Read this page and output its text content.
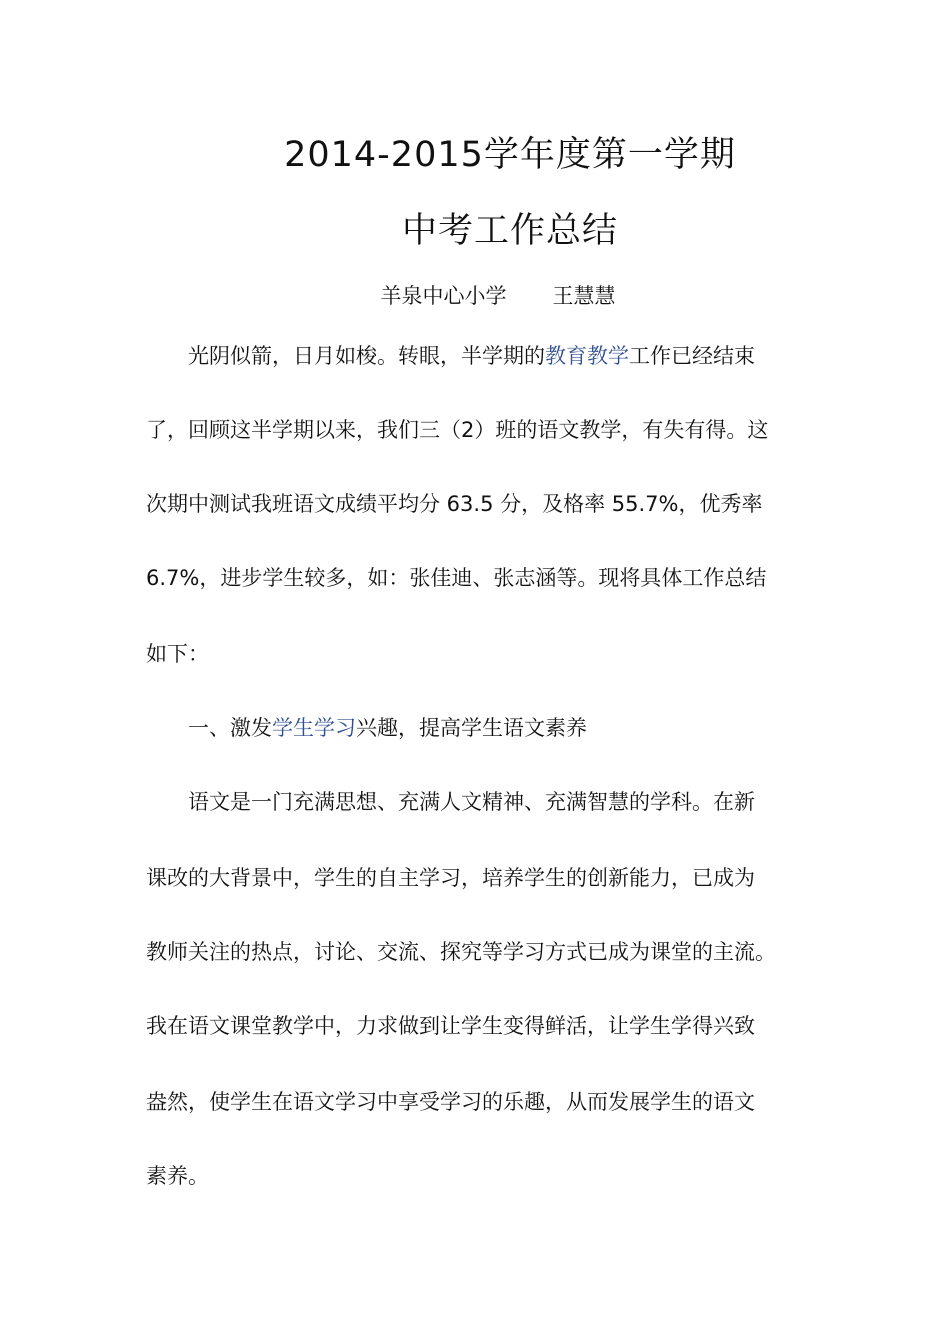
2014-2015学年度第一学期
中考工作总结
羊泉中心小学 王慧慧
　　光阴似箭，日月如梭。转眼，半学期的教育教学工作已经结束
了，回顾这半学期以来，我们三（2）班的语文教学，有失有得。这
次期中测试我班语文成绩平均分 63.5 分，及格率 55.7%，优秀率
6.7%，进步学生较多，如：张佳迪、张志涵等。现将具体工作总结
如下：
　　一、激发学生学习兴趣，提高学生语文素养
　　语文是一门充满思想、充满人文精神、充满智慧的学科。在新
课改的大背景中，学生的自主学习，培养学生的创新能力，已成为
教师关注的热点，讨论、交流、探究等学习方式已成为课堂的主流。
我在语文课堂教学中，力求做到让学生变得鲜活，让学生学得兴致
盎然，使学生在语文学习中享受学习的乐趣，从而发展学生的语文
素养。
